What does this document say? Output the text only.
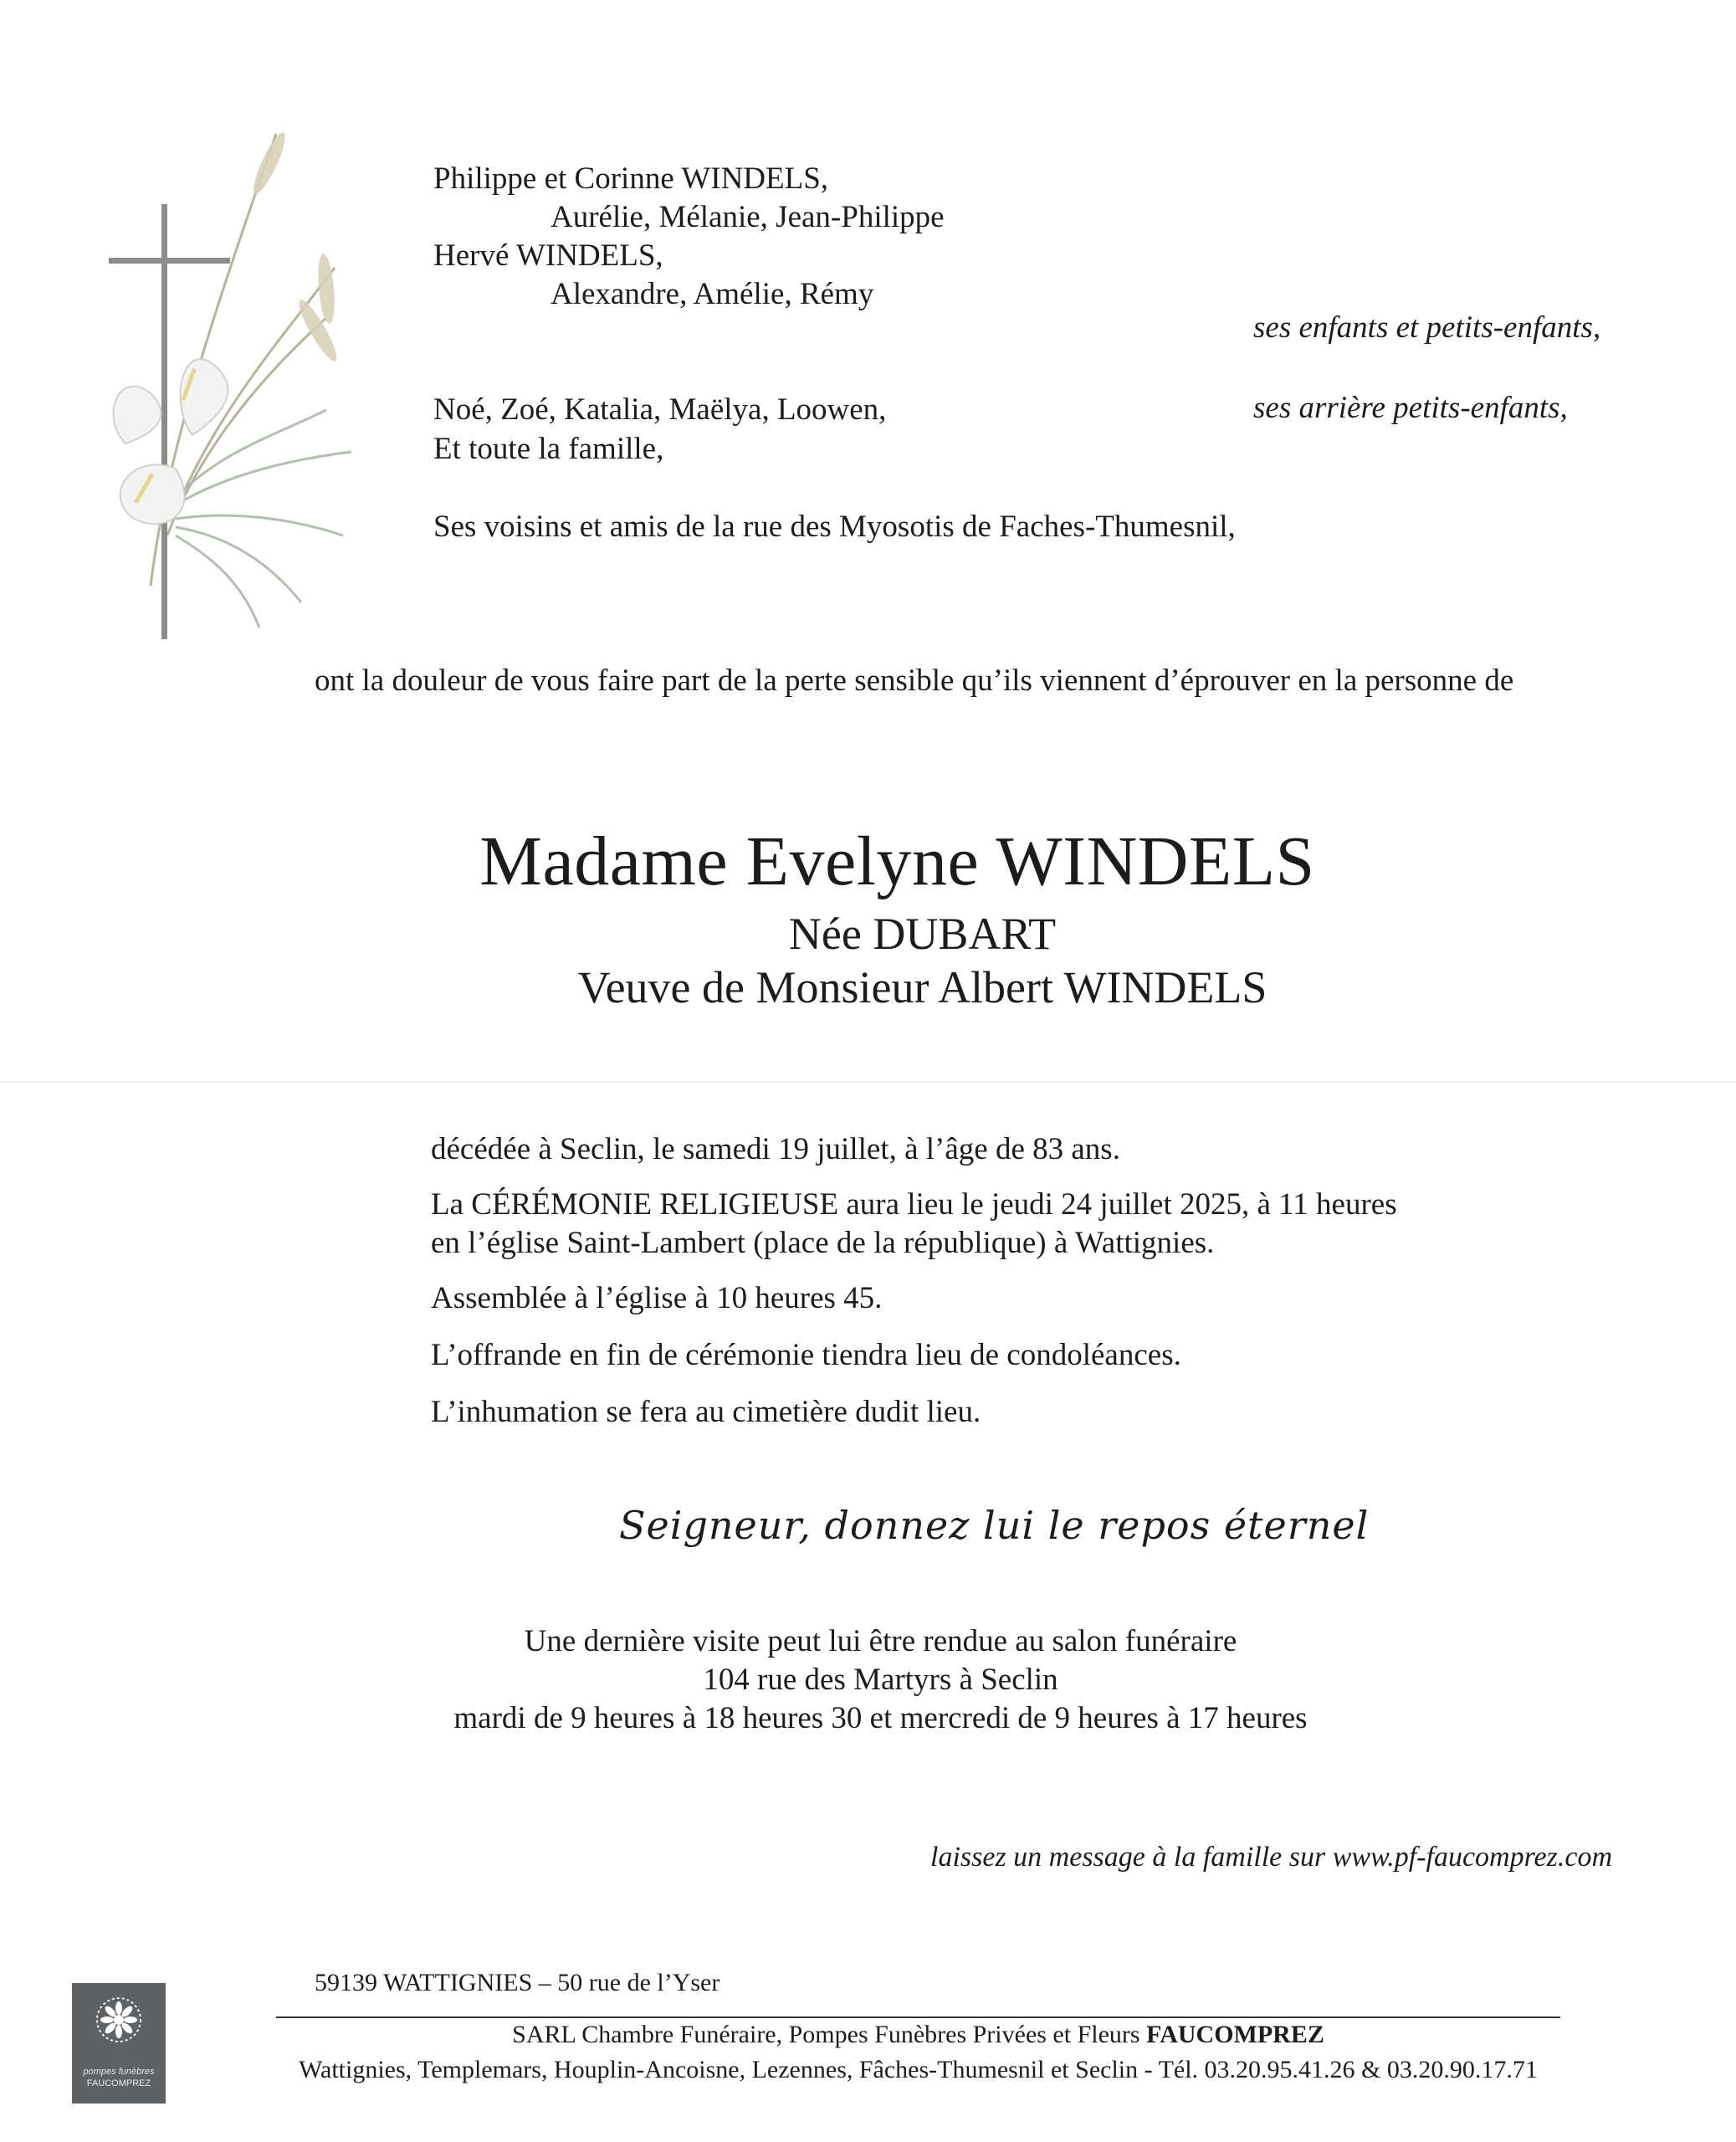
Philippe et Corinne WINDELS,
Aurélie, Mélanie, Jean-Philippe
Hervé WINDELS,
Alexandre, Amélie, Rémy
ses enfants et petits-enfants,
Noé, Zoé, Katalia, Maëlya, Loowen,	ses arrière petits-enfants,
Et toute la famille,
Ses voisins et amis de la rue des Myosotis de Faches-Thumesnil,
ont la douleur de vous faire part de la perte sensible qu’ils viennent d’éprouver en la personne de
Madame Evelyne WINDELS
Née DUBART
Veuve de Monsieur Albert WINDELS
décédée à Seclin, le samedi 19 juillet, à l’âge de 83 ans.
La CÉRÉMONIE RELIGIEUSE aura lieu le jeudi 24 juillet 2025, à 11 heures
en l’église Saint-Lambert (place de la république) à Wattignies.
Assemblée à l’église à 10 heures 45.
L’offrande en fin de cérémonie tiendra lieu de condoléances.
L’inhumation se fera au cimetière dudit lieu.
Seigneur, donnez lui le repos éternel
Une dernière visite peut lui être rendue au salon funéraire
104 rue des Martyrs à Seclin
mardi de 9 heures à 18 heures 30 et mercredi de 9 heures à 17 heures
laissez un message à la famille sur www.pf-faucomprez.com
59139 WATTIGNIES – 50 rue de l’Yser
SARL Chambre Funéraire, Pompes Funèbres Privées et Fleurs FAUCOMPREZ
Wattignies, Templemars, Houplin-Ancoisne, Lezennes, Fâches-Thumesnil et Seclin - Tél. 03.20.95.41.26 & 03.20.90.17.71
pompes funèbres
FAUCOMPREZ
